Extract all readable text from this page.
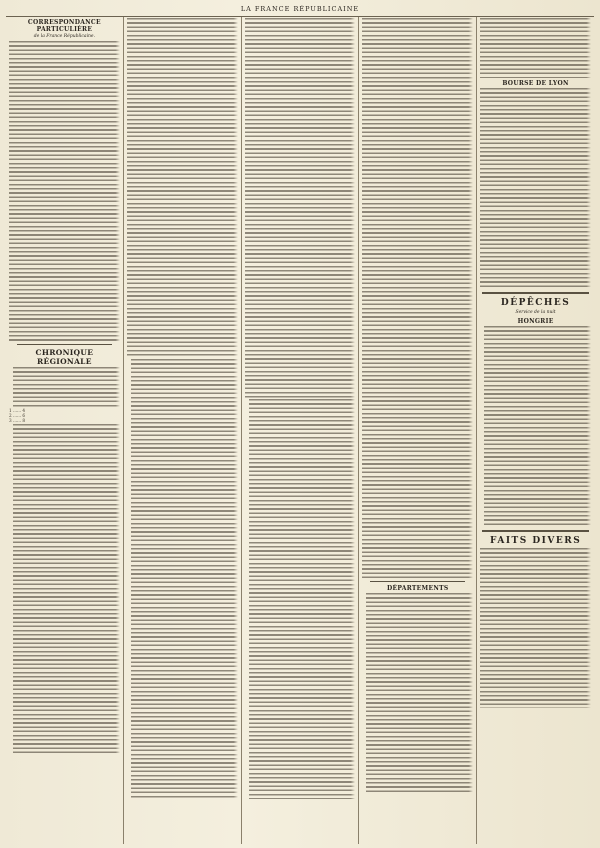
LA FRANCE RÉPUBLICAINE
CORRESPONDANCE PARTICULIÈRE
de la France Républicaine.
CHRONIQUE RÉGIONALE
1 ...... 4
2 ...... 6
3 ...... 8
DÉPARTEMENTS
BOURSE DE LYON
DÉPÊCHES
Service de la nuit
HONGRIE
FAITS DIVERS
